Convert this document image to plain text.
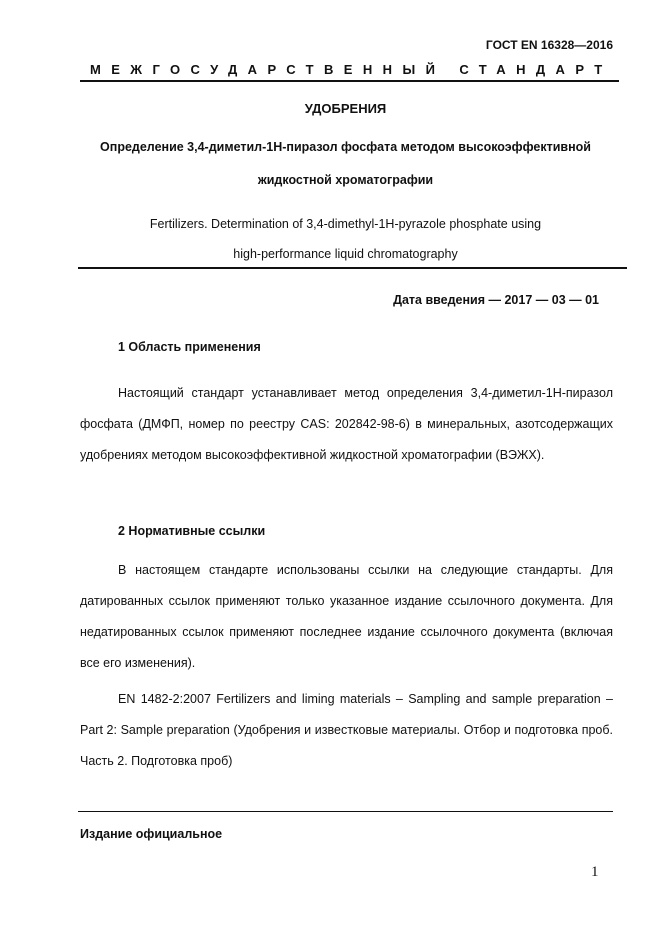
ГОСТ EN 16328—2016
МЕЖГОСУДАРСТВЕННЫЙ СТАНДАРТ
УДОБРЕНИЯ
Определение 3,4-диметил-1Н-пиразол фосфата методом высокоэффективной
жидкостной хроматографии
Fertilizers. Determination of 3,4-dimethyl-1H-pyrazole phosphate using
high-performance liquid chromatography
Дата введения — 2017 — 03 — 01
1 Область применения

Настоящий стандарт устанавливает метод определения 3,4-диметил-1Н-пиразол фосфата (ДМФП, номер по реестру CAS: 202842-98-6) в минеральных, азотсодержащих удобрениях методом высокоэффективной жидкостной хроматографии (ВЭЖХ).

2 Нормативные ссылки

В настоящем стандарте использованы ссылки на следующие стандарты. Для датированных ссылок применяют только указанное издание ссылочного документа. Для недатированных ссылок применяют последнее издание ссылочного документа (включая все его изменения).

EN 1482-2:2007 Fertilizers and liming materials – Sampling and sample preparation – Part 2: Sample preparation (Удобрения и известковые материалы. Отбор и подготовка проб. Часть 2. Подготовка проб)

Издание официальное
1
